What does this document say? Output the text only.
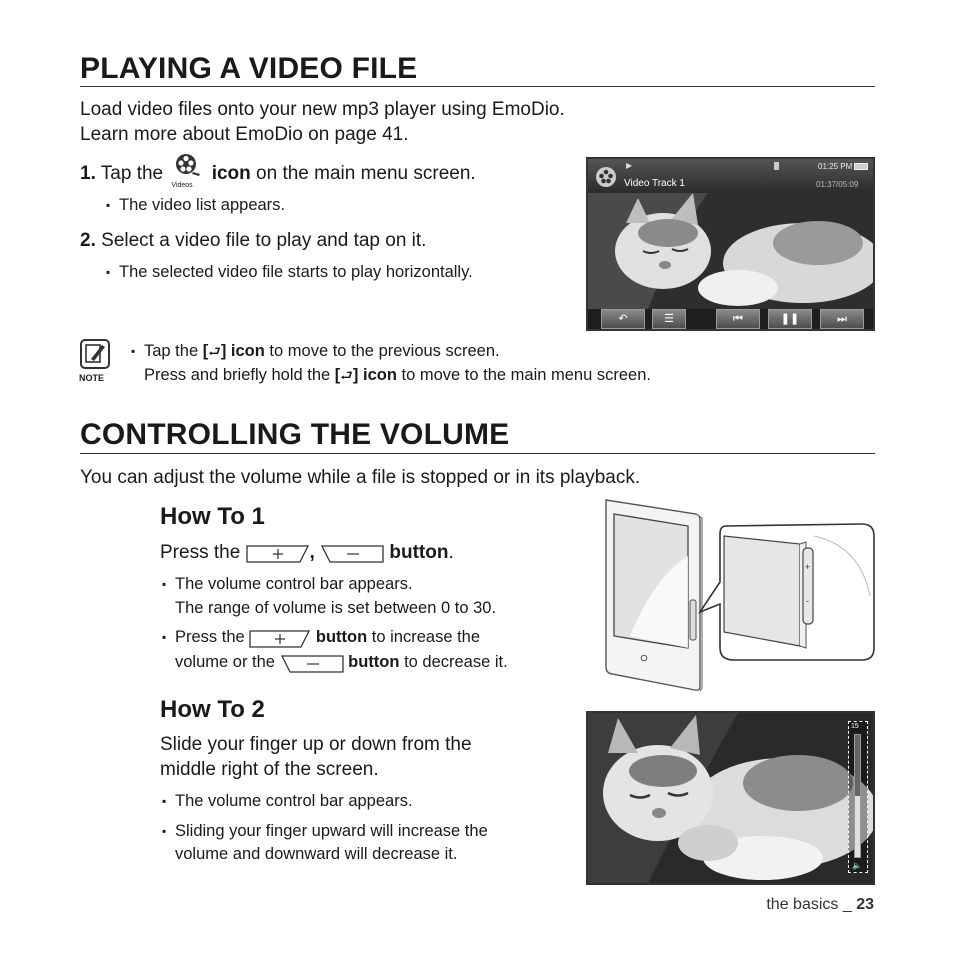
PLAYING A VIDEO FILE
Load video files onto your new mp3 player using EmoDio.
Learn more about EmoDio on page 41.
1. Tap the
Videos
icon on the main menu screen.
▪ The video list appears.
2. Select a video file to play and tap on it.
▪ The selected video file starts to play horizontally.
▶	01:25 PM
Video Track 1	01:37/05:09
↶	☰	⏮	❚❚	⏭
NOTE
▪ Tap the [⮐] icon to move to the previous screen.
Press and briefly hold the [⮐] icon to move to the main menu screen.
CONTROLLING THE VOLUME
You can adjust the volume while a file is stopped or in its playback.
How To 1
Press the	,	button.
▪ The volume control bar appears.
The range of volume is set between 0 to 30.
▪ Press the	button to increase the
volume or the	button to decrease it.
+
-
How To 2
Slide your finger up or down from the
middle right of the screen.
▪ The volume control bar appears.
▪ Sliding your finger upward will increase the
volume and downward will decrease it.
15
🔈
the basics _ 23
